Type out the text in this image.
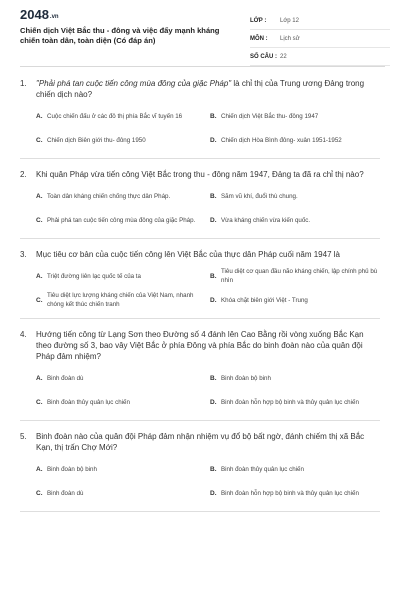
2048.vn
Chiến dịch Việt Bắc thu - đông và việc đẩy mạnh kháng chiến toàn dân, toàn diện (Có đáp án)
LỚP :	Lớp 12
MÔN :	Lịch sử
SỐ CÂU : 22
1.	"Phải phá tan cuộc tiến công mùa đông của giặc Pháp" là chỉ thị của Trung ương Đảng trong chiến dịch nào?
A. Cuộc chiến đấu ở các đô thị phía Bắc vĩ tuyến 16	B. Chiến dịch Việt Bắc thu- đông 1947
C. Chiến dịch Biên giới thu- đông 1950	D. Chiến dịch Hòa Bình đông- xuân 1951-1952
2.	Khi quân Pháp vừa tiến công Việt Bắc trong thu - đông năm 1947, Đảng ta đã ra chỉ thị nào?
A. Toàn dân kháng chiến chống thực dân Pháp.	B. Săm vũ khí, đuổi thù chung.
C. Phải phá tan cuộc tiến công mùa đông của giặc Pháp.	D. Vừa kháng chiến vừa kiến quốc.
3.	Mục tiêu cơ bản của cuộc tiến công lên Việt Bắc của thực dân Pháp cuối năm 1947 là
A. Triệt đường liên lạc quốc tế của ta	B.
Tiêu diệt cơ quan đầu não kháng chiến, lập chính phủ bù nhìn
C.
Tiêu diệt lực lượng kháng chiến của Việt Nam, nhanh chóng kết thúc chiến tranh
D. Khóa chặt biên giới Việt - Trung
4.	Hướng tiến công từ Lạng Sơn theo Đường số 4 đánh lên Cao Bằng rồi vòng xuống Bắc Kạn theo đường số 3, bao vây Việt Bắc ở phía Đông và phía Bắc do binh đoàn nào của quân đội Pháp đảm nhiệm?
A. Binh đoàn dù	B. Binh đoàn bộ binh
C. Binh đoàn thủy quân lục chiến	D. Binh đoàn hỗn hợp bộ binh và thủy quân lục chiến
5.	Binh đoàn nào của quân đội Pháp đảm nhận nhiệm vụ đổ bộ bất ngờ, đánh chiếm thị xã Bắc Kạn, thị trấn Chợ Mới?
A. Binh đoàn bộ binh	B. Binh đoàn thủy quân lục chiến
C. Binh đoàn dù	D. Binh đoàn hỗn hợp bộ binh và thủy quân lục chiến
